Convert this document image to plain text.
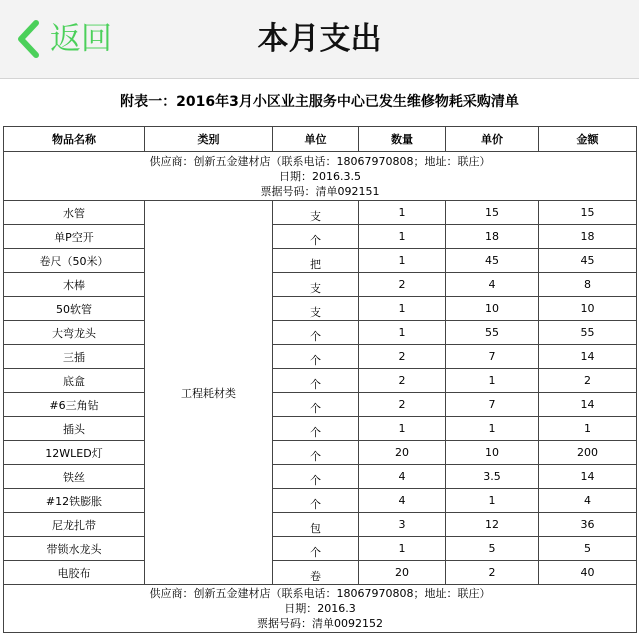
返回	本月支出
附表一：2016年3月小区业主服务中心已发生维修物耗采购清单
物品名称	类别	单位	数量	单价	金额

供应商：创新五金建材店（联系电话：18067970808；地址：联庄）
日期：2016.3.5
票据号码：清单092151					

水管	工程耗材类	支	1	15	15
单P空开		个	1	18	18
卷尺（50米）		把	1	45	45
木棒		支	2	4	8
50软管		支	1	10	10
大弯龙头		个	1	55	55
三插		个	2	7	14
底盒		个	2	1	2
#6三角钻		个	2	7	14
插头		个	1	1	1
12WLED灯		个	20	10	200
铁丝		个	4	3.5	14
#12铁膨胀		个	4	1	4
尼龙扎带		包	3	12	36
带锁水龙头		个	1	5	5
电胶布		卷	20	2	40

供应商：创新五金建材店（联系电话：18067970808；地址：联庄）
日期：2016.3
票据号码：清单0092152					
